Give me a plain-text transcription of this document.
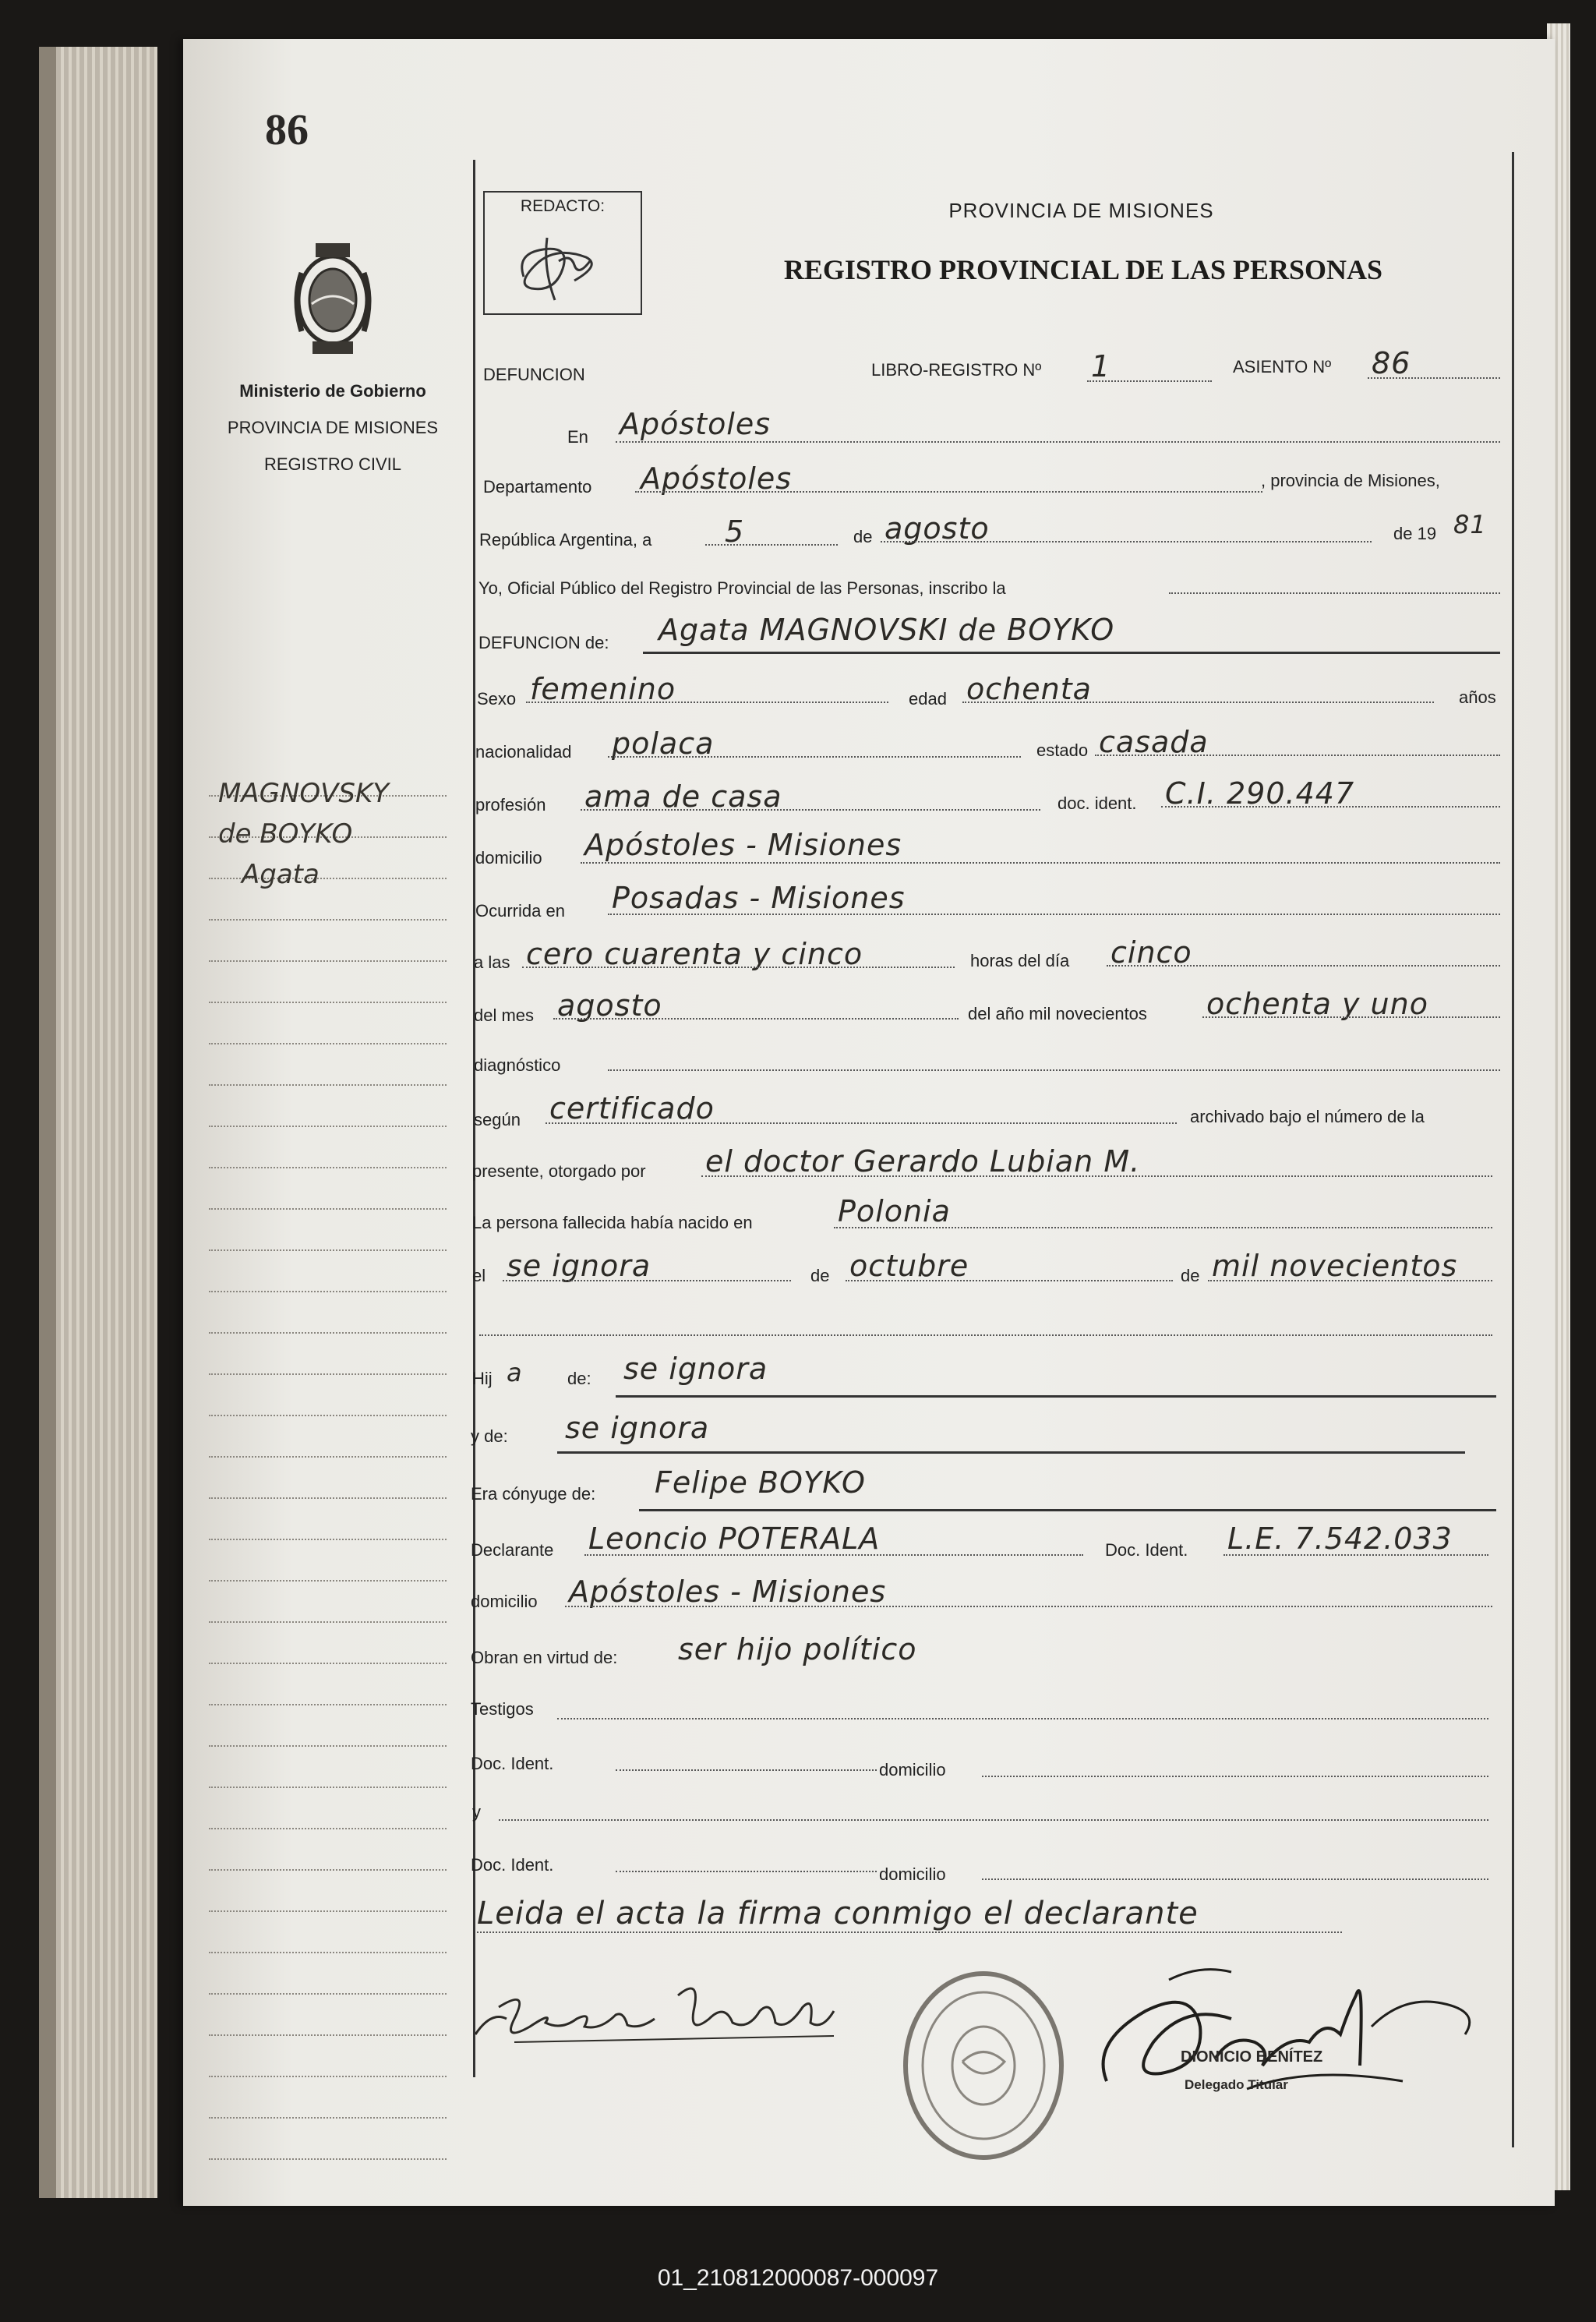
86
Ministerio de Gobierno
PROVINCIA DE MISIONES
REGISTRO CIVIL
MAGNOVSKY
de BOYKO
Agata
REDACTO:	PROVINCIA DE MISIONES
REGISTRO PROVINCIAL DE LAS PERSONAS
DEFUNCION	LIBRO-REGISTRO Nº 1	ASIENTO Nº 86
En Apóstoles
Departamento Apóstoles	, provincia de Misiones,
República Argentina, a 5	de agosto	de 19 81
Yo, Oficial Público del Registro Provincial de las Personas, inscribo la
DEFUNCION de: Agata MAGNOVSKI de BOYKO
Sexo femenino	edad ochenta	años
nacionalidad polaca	estado casada
profesión ama de casa	doc. ident. C.I. 290.447
domicilio Apóstoles - Misiones
Ocurrida en Posadas - Misiones
a las cero cuarenta y cinco	horas del día cinco
del mes agosto	del año mil novecientos ochenta y uno
diagnóstico
según certificado	archivado bajo el número de la
presente, otorgado por el doctor Gerardo Lubian M.
La persona fallecida había nacido en	Polonia
el se ignora	de octubre	de mil novecientos
Hij a	de: se ignora
y de: se ignora
Era cónyuge de: Felipe BOYKO
Declarante Leoncio POTERALA	Doc. Ident. L.E. 7.542.033
domicilio Apóstoles - Misiones
Obran en virtud de: ser hijo político
Testigos
Doc. Ident.	domicilio
y
Doc. Ident.	domicilio
Leida el acta la firma conmigo el declarante
DIONICIO BENÍTEZ
Delegado Titular
01_210812000087-000097
